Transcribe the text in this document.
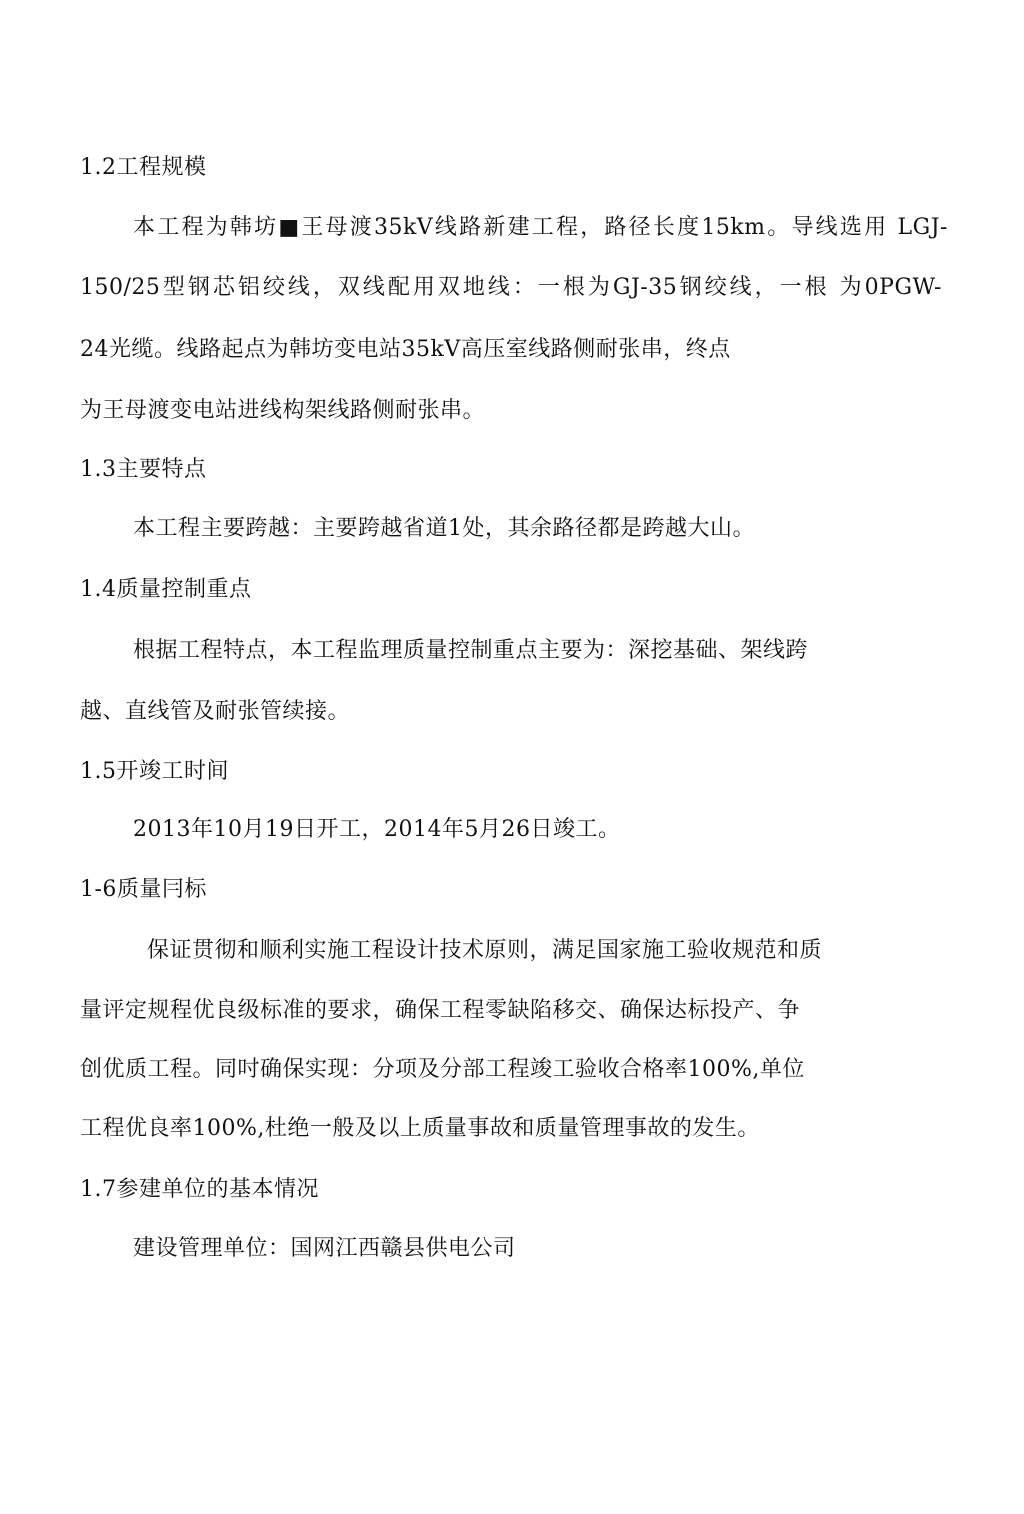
1.2工程规模
本工程为韩坊■王母渡35kV线路新建工程，路径长度15km。导线选用 LGJ-
150/25型钢芯铝绞线，双线配用双地线：一根为GJ-35钢绞线，一根 为0PGW-
24光缆。线路起点为韩坊变电站35kV高压室线路侧耐张串，终点
为王母渡变电站进线构架线路侧耐张串。
1.3主要特点
本工程主要跨越：主要跨越省道1处，其余路径都是跨越大山。
1.4质量控制重点
根据工程特点，本工程监理质量控制重点主要为：深挖基础、架线跨
越、直线管及耐张管续接。
1.5开竣工时间
2013年10月19日开工，2014年5月26日竣工。
1-6质量冃标
保证贯彻和顺利实施工程设计技术原则，满足国家施工验收规范和质
量评定规程优良级标准的要求，确保工程零缺陷移交、确保达标投产、争
创优质工程。同吋确保实现：分项及分部工程竣工验收合格率100%,单位
工程优良率100%,杜绝一般及以上质量事故和质量管理事故的发生。
1.7参建单位的基本情况
建设管理单位：国网江西赣县供电公司
